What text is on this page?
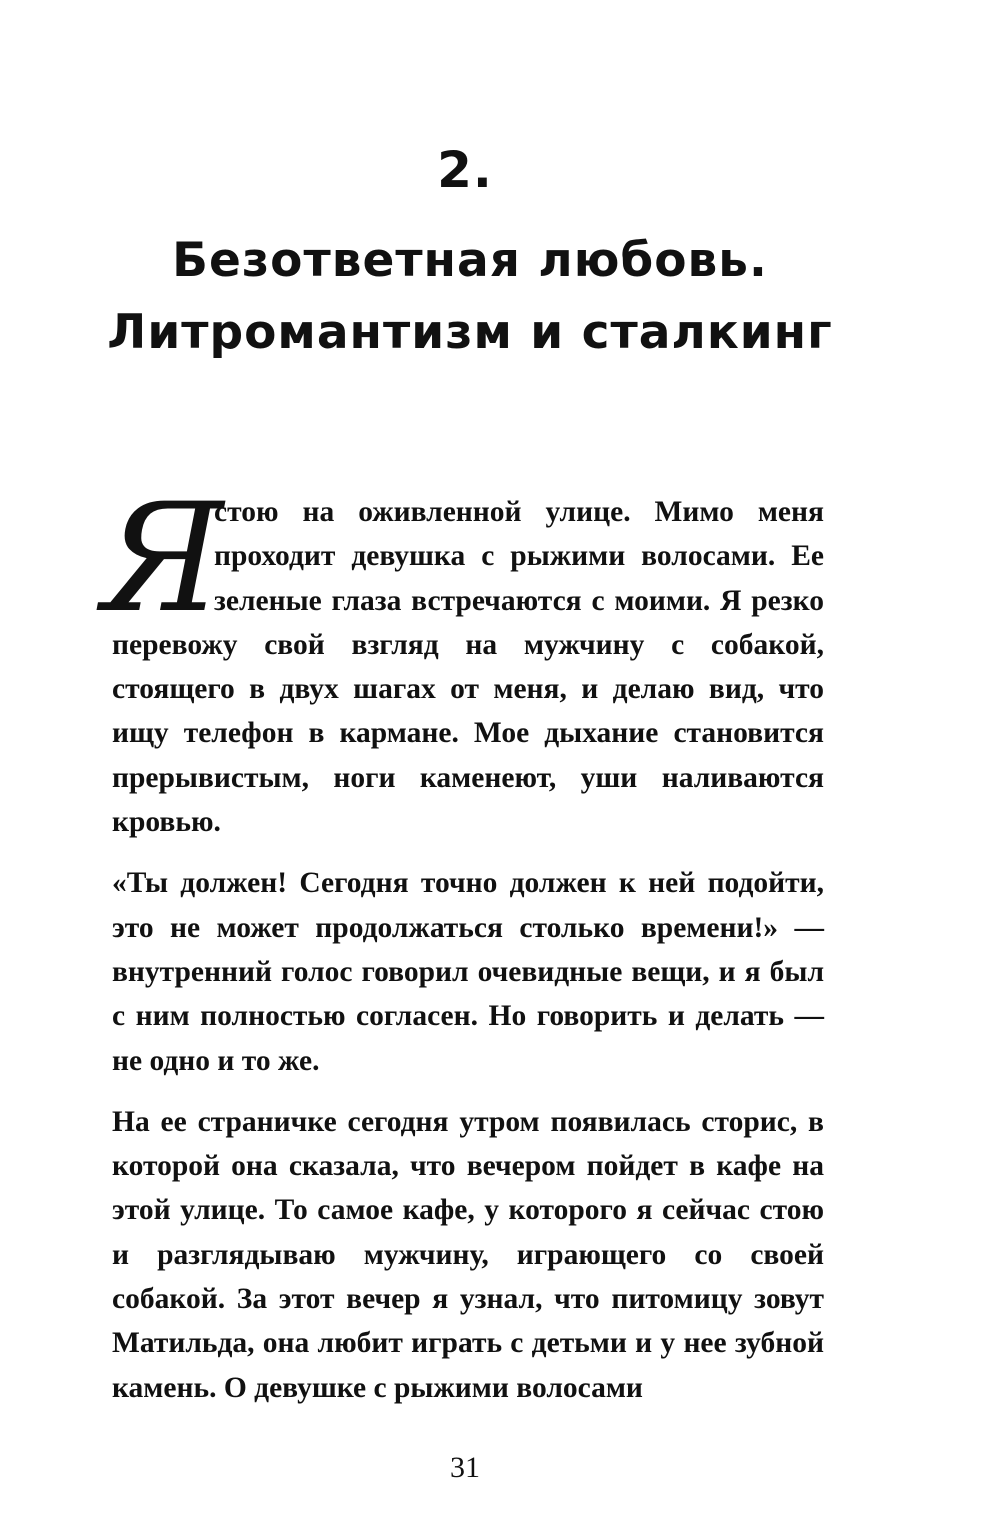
2.
Безответная любовь.
Литромантизм и сталкинг

Я
стою на оживленной улице. Мимо меня проходит девушка с рыжими волосами. Ее зеленые глаза встречаются с моими. Я резко перевожу свой взгляд на мужчину с собакой, стоящего в двух шагах от меня, и делаю вид, что ищу телефон в кармане. Мое дыхание становится прерывистым, ноги каменеют, уши наливаются кровью.

«Ты должен! Сегодня точно должен к ней подойти, это не может продолжаться столько времени!» — внутренний голос говорил очевидные вещи, и я был с ним полностью согласен. Но говорить и делать — не одно и то же.

На ее страничке сегодня утром появилась сторис, в которой она сказала, что вечером пойдет в кафе на этой улице. То самое кафе, у которого я сейчас стою и разглядываю мужчину, играющего со своей собакой. За этот вечер я узнал, что питомицу зовут Матильда, она любит играть с детьми и у нее зубной камень. О девушке с рыжими волосами

31
